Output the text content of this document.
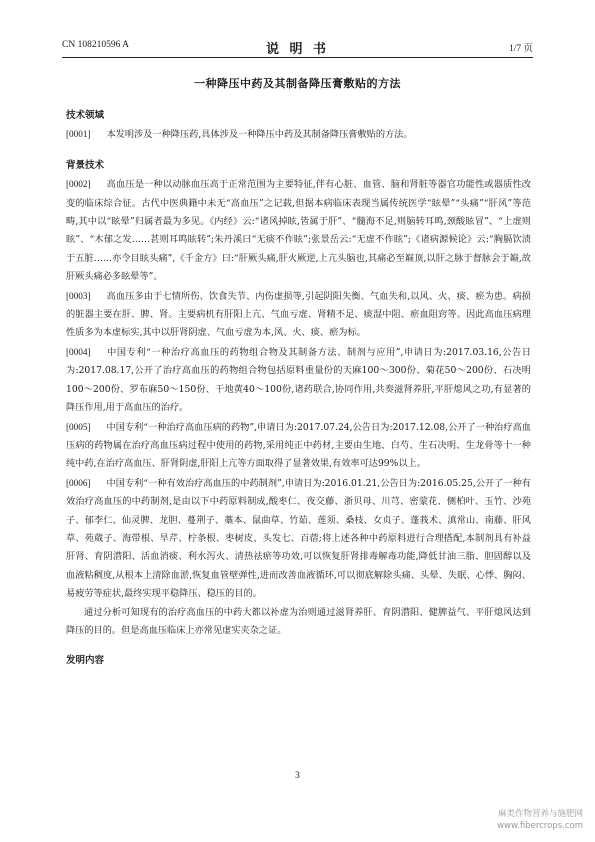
CN 108210596 A	说 明 书	1/7 页
一种降压中药及其制备降压膏敷贴的方法
技术领域
[0001] 本发明涉及一种降压药,具体涉及一种降压中药及其制备降压膏敷贴的方法。
背景技术
[0002] 高血压是一种以动脉血压高于正常范围为主要特征,伴有心脏、血管、脑和肾脏等器官功能性或器质性改变的临床综合征。古代中医典籍中未无“高血压”之记载,但据本病临床表现当属传统医学“眩晕”“头痛”“肝风”等范畴,其中以“眩晕”归属者最为多见。《内经》云:“诸风掉眩,皆属于肝”、“髓海不足,则脑转耳鸣,颈酸眩冒”、“上虚则眩”、“木郁之发……甚则耳鸣眩转”;朱丹溪曰“无痰不作眩”;张景岳云:“无虚不作眩”;《诸病源候论》云:“胸膈饮渍于五脏……亦令目眩头痛”,《千金方》曰:“肝厥头痛,肝火厥逆,上亢头脑也,其痛必至巅顶,以肝之脉于督脉会于巅,故肝厥头痛必多眩晕等”。
[0003] 高血压多由于七情所伤、饮食失节、内伤虚损等,引起阴阳失衡、气血失和,以风、火、痰、瘀为患。病损的脏器主要在肝、脾、肾。主要病机有肝阳上亢、气血亏虚、肾精不足、痰湿中阻、瘀血阻窍等。因此高血压病理性质多为本虚标实,其中以肝肾阴虚、气血亏虚为本,风、火、痰、瘀为标。
[0004] 中国专利“一种治疗高血压的药物组合物及其制备方法、制剂与应用”,申请日为:2017.03.16,公告日为:2017.08.17,公开了治疗高血压的药物组合物包括原料重量份的天麻100～300份、菊花50～200份、石决明100～200份、罗布麻50～150份、干地黄40～100份,诸药联合,协同作用,共奏滋肾养肝,平肝熄风之功,有显著的降压作用,用于高血压的治疗。
[0005] 中国专利“一种治疗高血压病的药物”,申请日为:2017.07.24,公告日为:2017.12.08,公开了一种治疗高血压病的药物属在治疗高血压病过程中使用的药物,采用纯正中药材,主要由生地、白芍、生石决明、生龙骨等十一种纯中药,在治疗高血压、肝肾阴虚,肝阳上亢等方面取得了显著效果,有效率可达99%以上。
[0006] 中国专利“一种有效治疗高血压的中药制剂”,申请日为:2016.01.21,公告日为:2016.05.25,公开了一种有效治疗高血压的中药制剂,是由以下中药原料制成,酸枣仁、夜交藤、浙贝母、川芎、密蒙花、侧柏叶、玉竹、沙苑子、郁李仁、仙灵脾、龙胆、蔓荆子、藁本、鼠曲草、竹茹、莲须、桑枝、女贞子、蓬莪术、滇常山、南藤、肝风草、苑葳子、海带根、旱芹、柠条根、枣树皮、头发七、百蓿;将上述各种中药原料进行合理搭配,本制剂具有补益肝肾、育阴潜阳、活血消痰、利水泻火、清热祛瘀等功效,可以恢复肝肾排毒解毒功能,降低甘油三脂、胆固醇以及血液粘稠度,从根本上清除血淤,恢复血管壁弹性,进而改善血液循环,可以彻底解除头痛、头晕、失眠、心悸、胸闷、易疲劳等症状,最终实现平稳降压、稳压的目的。
通过分析可知现有的治疗高血压的中药大都以补虚为治则通过滋肾养肝、育阴潜阳、健脾益气、平肝熄风达到降压的目的。但是高血压临床上亦常见虚实夹杂之证。
发明内容
3
麻类作物营养与施肥网
www.fibercrops.com
